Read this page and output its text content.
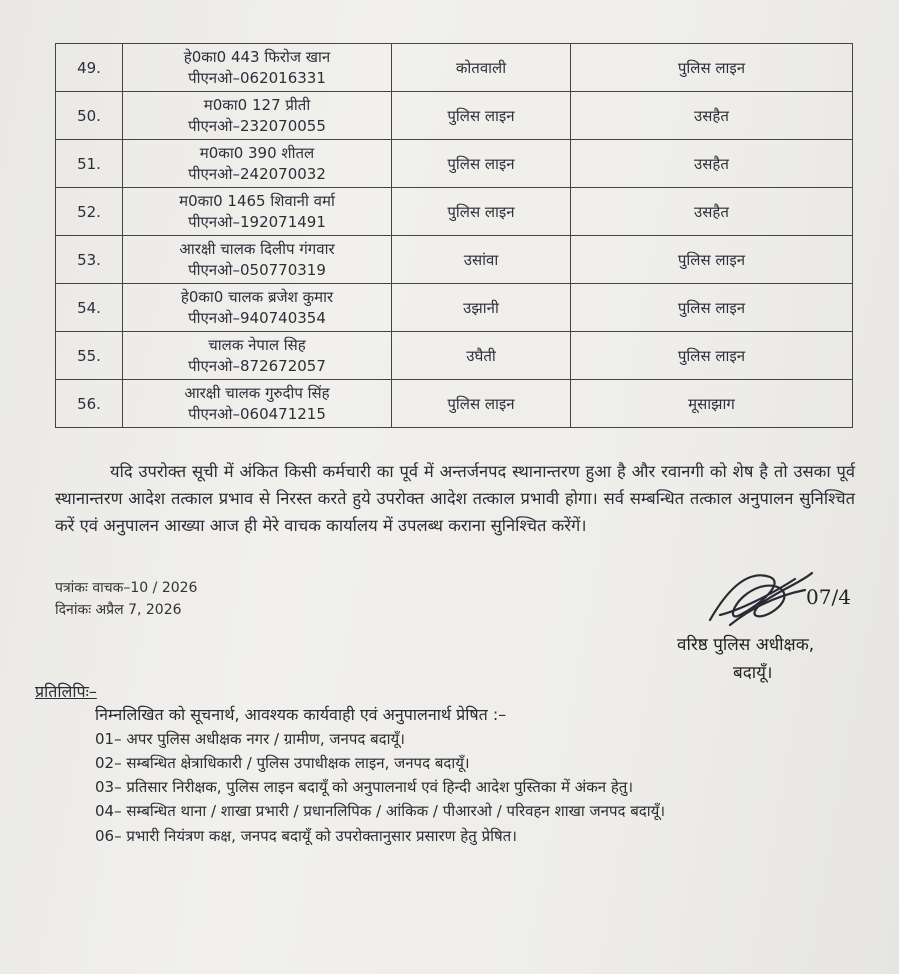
49.	हे0का0 443 फिरोज खान
पीएनओ–062016331	कोतवाली	पुलिस लाइन
50.	म0का0 127 प्रीती
पीएनओ–232070055	पुलिस लाइन	उसहैत
51.	म0का0 390 शीतल
पीएनओ–242070032	पुलिस लाइन	उसहैत
52.	म0का0 1465 शिवानी वर्मा
पीएनओ–192071491	पुलिस लाइन	उसहैत
53.	आरक्षी चालक दिलीप गंगवार
पीएनओ–050770319	उसांवा	पुलिस लाइन
54.	हे0का0 चालक ब्रजेश कुमार
पीएनओ–940740354	उझानी	पुलिस लाइन
55.	चालक नेपाल सिह
पीएनओ–872672057	उघैती	पुलिस लाइन
56.	आरक्षी चालक गुरुदीप सिंह
पीएनओ–060471215	पुलिस लाइन	मूसाझाग

यदि उपरोक्त सूची में अंकित किसी कर्मचारी का पूर्व में अन्तर्जनपद स्थानान्तरण हुआ है और रवानगी को शेष है तो उसका पूर्व स्थानान्तरण आदेश तत्काल प्रभाव से निरस्त करते हुये उपरोक्त आदेश तत्काल प्रभावी होगा। सर्व सम्बन्धित तत्काल अनुपालन सुनिश्चित करें एवं अनुपालन आख्या आज ही मेरे वाचक कार्यालय में उपलब्ध कराना सुनिश्चित करेंगें।

पत्रांकः वाचक–10 / 2026
दिनांकः अप्रैल 7, 2026
07/4
वरिष्ठ पुलिस अधीक्षक,
बदायूँ।
प्रतिलिपिः–
निम्नलिखित को सूचनार्थ, आवश्यक कार्यवाही एवं अनुपालनार्थ प्रेषित :–
01– अपर पुलिस अधीक्षक नगर / ग्रामीण, जनपद बदायूँ।
02– सम्बन्धित क्षेत्राधिकारी / पुलिस उपाधीक्षक लाइन, जनपद बदायूँ।
03– प्रतिसार निरीक्षक, पुलिस लाइन बदायूँ को अनुपालनार्थ एवं हिन्दी आदेश पुस्तिका में अंकन हेतु।
04– सम्बन्धित थाना / शाखा प्रभारी / प्रधानलिपिक / आंकिक / पीआरओ / परिवहन शाखा जनपद बदायूँ।
06– प्रभारी नियंत्रण कक्ष, जनपद बदायूँ को उपरोक्तानुसार प्रसारण हेतु प्रेषित।
